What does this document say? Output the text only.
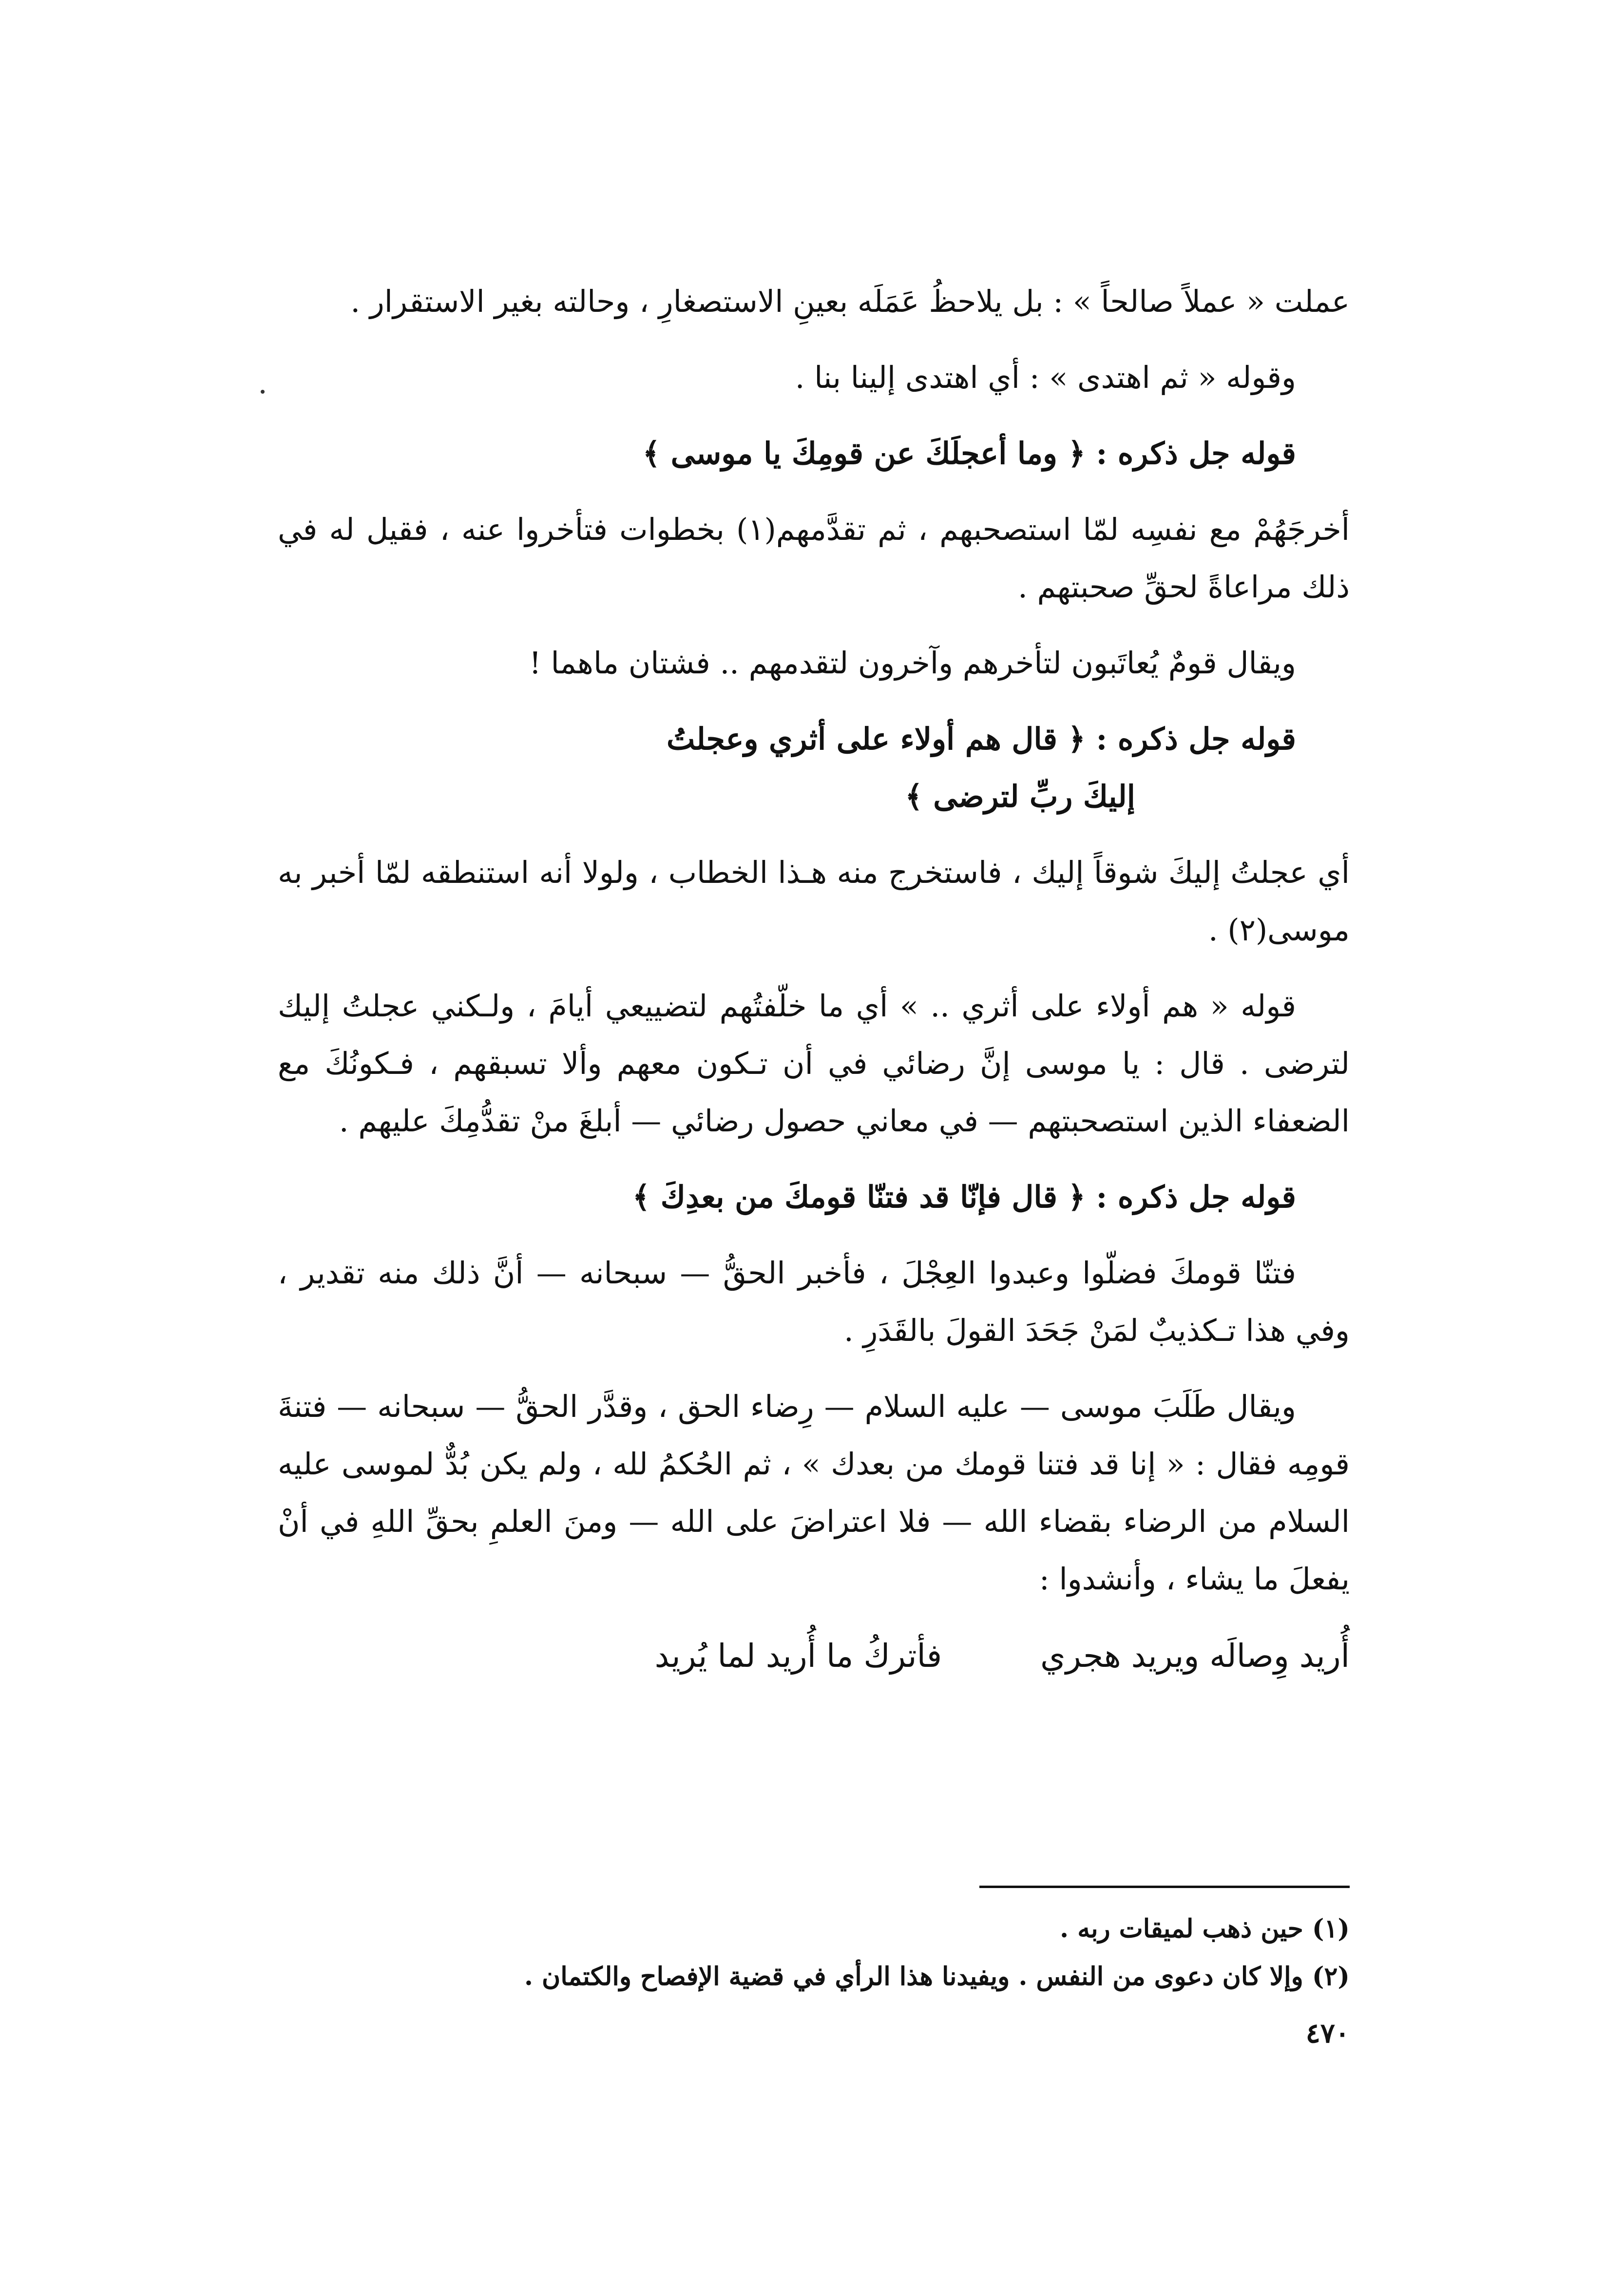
عملت « عملاً صالحاً » : بل يلاحظُ عَمَلَه بعينِ الاستصغارِ ، وحالته بغير الاستقرار .

وقوله « ثم اهتدى » : أي اهتدى إلينا بنا .

قوله جل ذكره : ﴿ وما أعجلَكَ عن قومِكَ يا موسى ﴾

أخرجَهُمْ مع نفسِه لمّا استصحبهم ، ثم تقدَّمهم(١) بخطوات فتأخروا عنه ، فقيل له في ذلك مراعاةً لحقِّ صحبتهم .

ويقال قومٌ يُعاتَبون لتأخرهم وآخرون لتقدمهم .. فشتان ماهما !

قوله جل ذكره : ﴿ قال هم أولاء على أثري وعجلتُ
إليكَ ربِّ لترضى ﴾

أي عجلتُ إليكَ شوقاً إليك ، فاستخرج منه هـذا الخطاب ، ولولا أنه استنطقه لمّا أخبر به موسى(٢) .

قوله « هم أولاء على أثري .. » أي ما خلّفتُهم لتضييعي أيامَ ، ولـكني عجلتُ إليك لترضى . قال : يا موسى إنَّ رضائي في أن تـكون معهم وألا تسبقهم ، فـكونُكَ مع الضعفاء الذين استصحبتهم — في معاني حصول رضائي — أبلغَ منْ تقدُّمِكَ عليهم .

قوله جل ذكره : ﴿ قال فإنّا قد فتنّا قومكَ من بعدِكَ ﴾

فتنّا قومكَ فضلّوا وعبدوا العِجْلَ ، فأخبر الحقُّ — سبحانه — أنَّ ذلك منه تقدير ، وفي هذا تـكذيبٌ لمَنْ جَحَدَ القولَ بالقَدَرِ .

ويقال طَلَبَ موسى — عليه السلام — رِضاء الحق ، وقدَّر الحقُّ — سبحانه — فتنةَ قومِه فقال : « إنا قد فتنا قومك من بعدك » ، ثم الحُكمُ لله ، ولم يكن بُدٌّ لموسى عليه السلام من الرضاء بقضاء الله — فلا اعتراضَ على الله — ومنَ العلمِ بحقِّ اللهِ في أنْ يفعلَ ما يشاء ، وأنشدوا :

أُريد وِصالَه ويريد هجري  فأتركُ ما أُريد لما يُريد
(١) حين ذهب لميقات ربه .
(٢) وإلا كان دعوى من النفس . ويفيدنا هذا الرأي في قضية الإفصاح والكتمان .
٤٧٠
